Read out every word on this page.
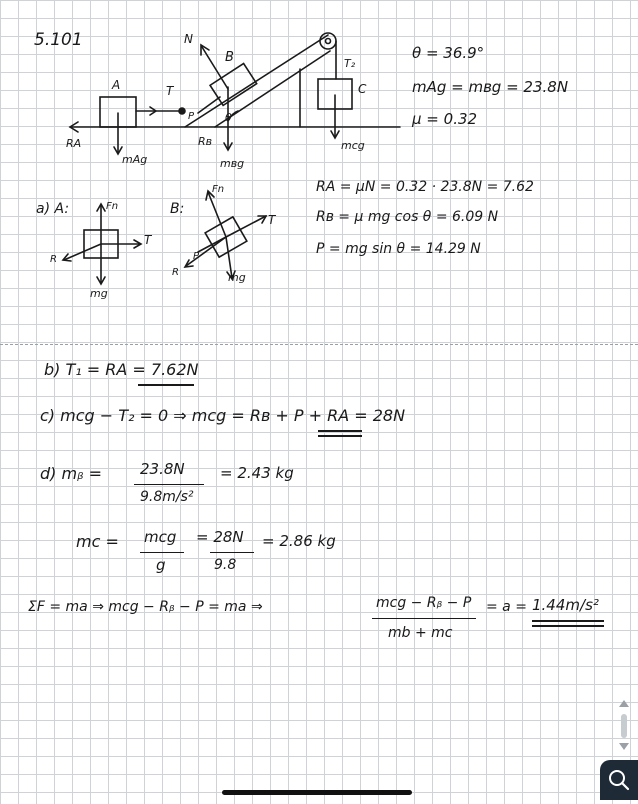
5.101	N
B	T₂
A	T
P	θ
C
RΑ	Rʙ
mΑg	mʙg
mcg
θ = 36.9°
mΑg = mʙg = 23.8N
μ = 0.32
RΑ = μN = 0.32 · 23.8N = 7.62
Rʙ = μ mg cos θ = 6.09 N
P = mg sin θ = 14.29 N
a) A:	Fn
T
R
mg
B:
Fn
T
P
R	mg
b) T₁ = RΑ = 7.62N
c) mcg − T₂ = 0 ⇒ mcg = Rʙ + P + RΑ = 28N
d) mᵦ =	23.8N
9.8m/s²
= 2.43 kg
mc = mcg
g
= 28N
9.8
= 2.86 kg
ΣF = ma ⇒ mcg − Rᵦ − P = ma ⇒	mcg − Rᵦ − P
mb + mc
= a = 1.44m/s²
